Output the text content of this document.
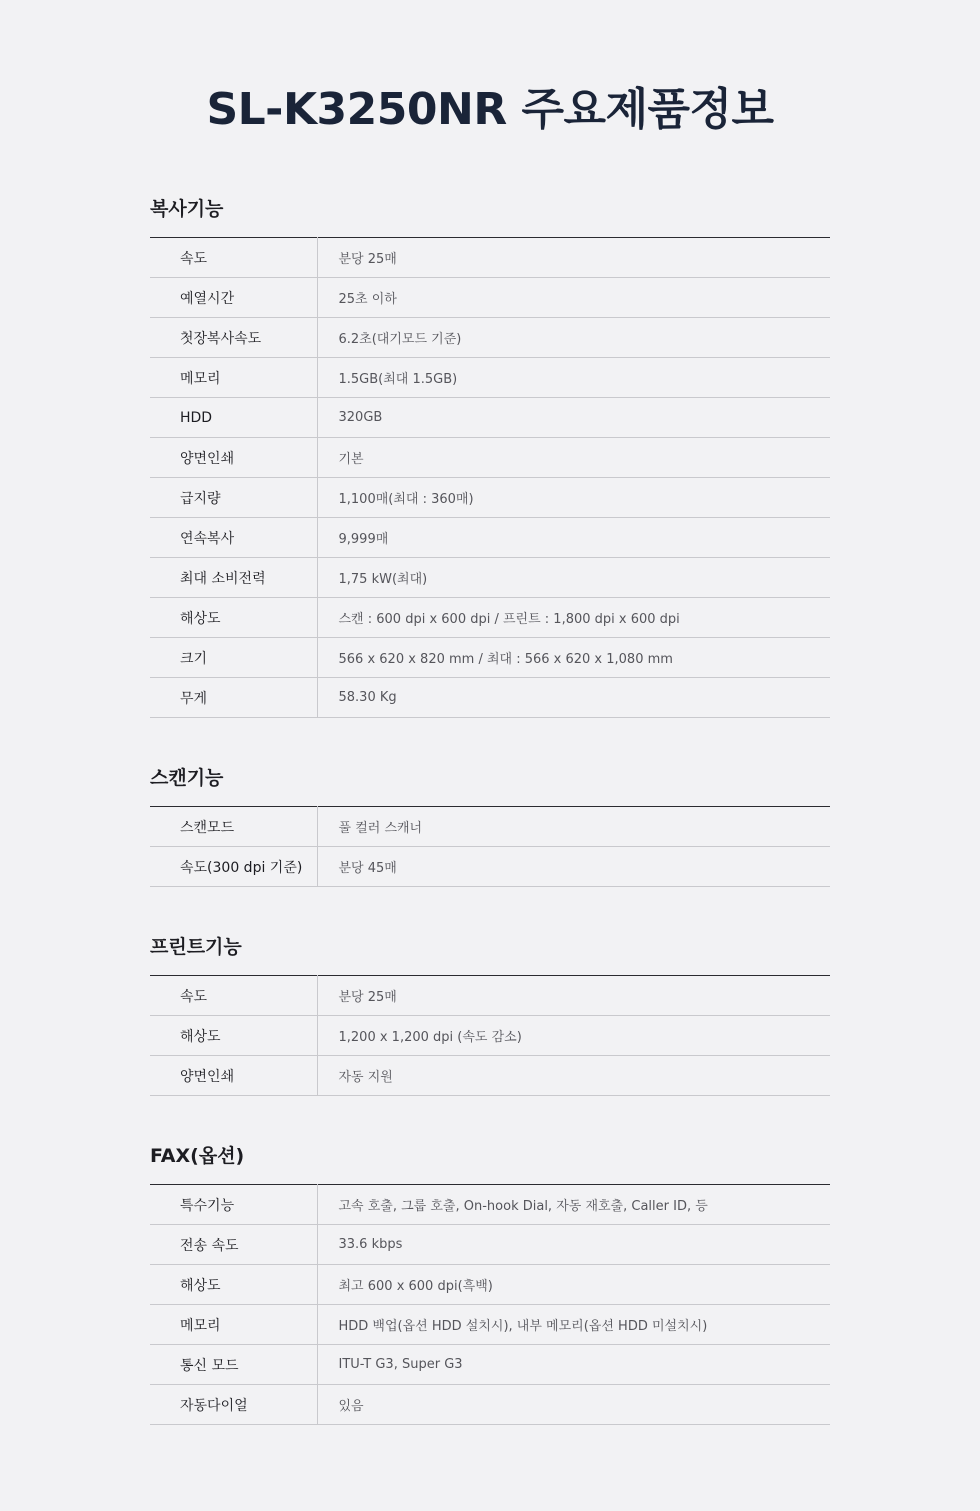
SL-K3250NR 주요제품정보
복사기능
속도	분당 25매
예열시간	25초 이하
첫장복사속도	6.2초(대기모드 기준)
메모리	1.5GB(최대 1.5GB)
HDD	320GB
양면인쇄	기본
급지량	1,100매(최대 : 360매)
연속복사	9,999매
최대 소비전력	1,75 kW(최대)
해상도	스캔 : 600 dpi x 600 dpi / 프린트 : 1,800 dpi x 600 dpi
크기	566 x 620 x 820 mm / 최대 : 566 x 620 x 1,080 mm
무게	58.30 Kg
스캔기능
스캔모드	풀 컬러 스캐너
속도(300 dpi 기준)	분당 45매
프린트기능
속도	분당 25매
해상도	1,200 x 1,200 dpi (속도 감소)
양면인쇄	자동 지원
FAX(옵션)
특수기능	고속 호출, 그룹 호출, On-hook Dial, 자동 재호출, Caller ID, 등
전송 속도	33.6 kbps
해상도	최고 600 x 600 dpi(흑백)
메모리	HDD 백업(옵션 HDD 설치시), 내부 메모리(옵션 HDD 미설치시)
통신 모드	ITU-T G3, Super G3
자동다이얼	있음
